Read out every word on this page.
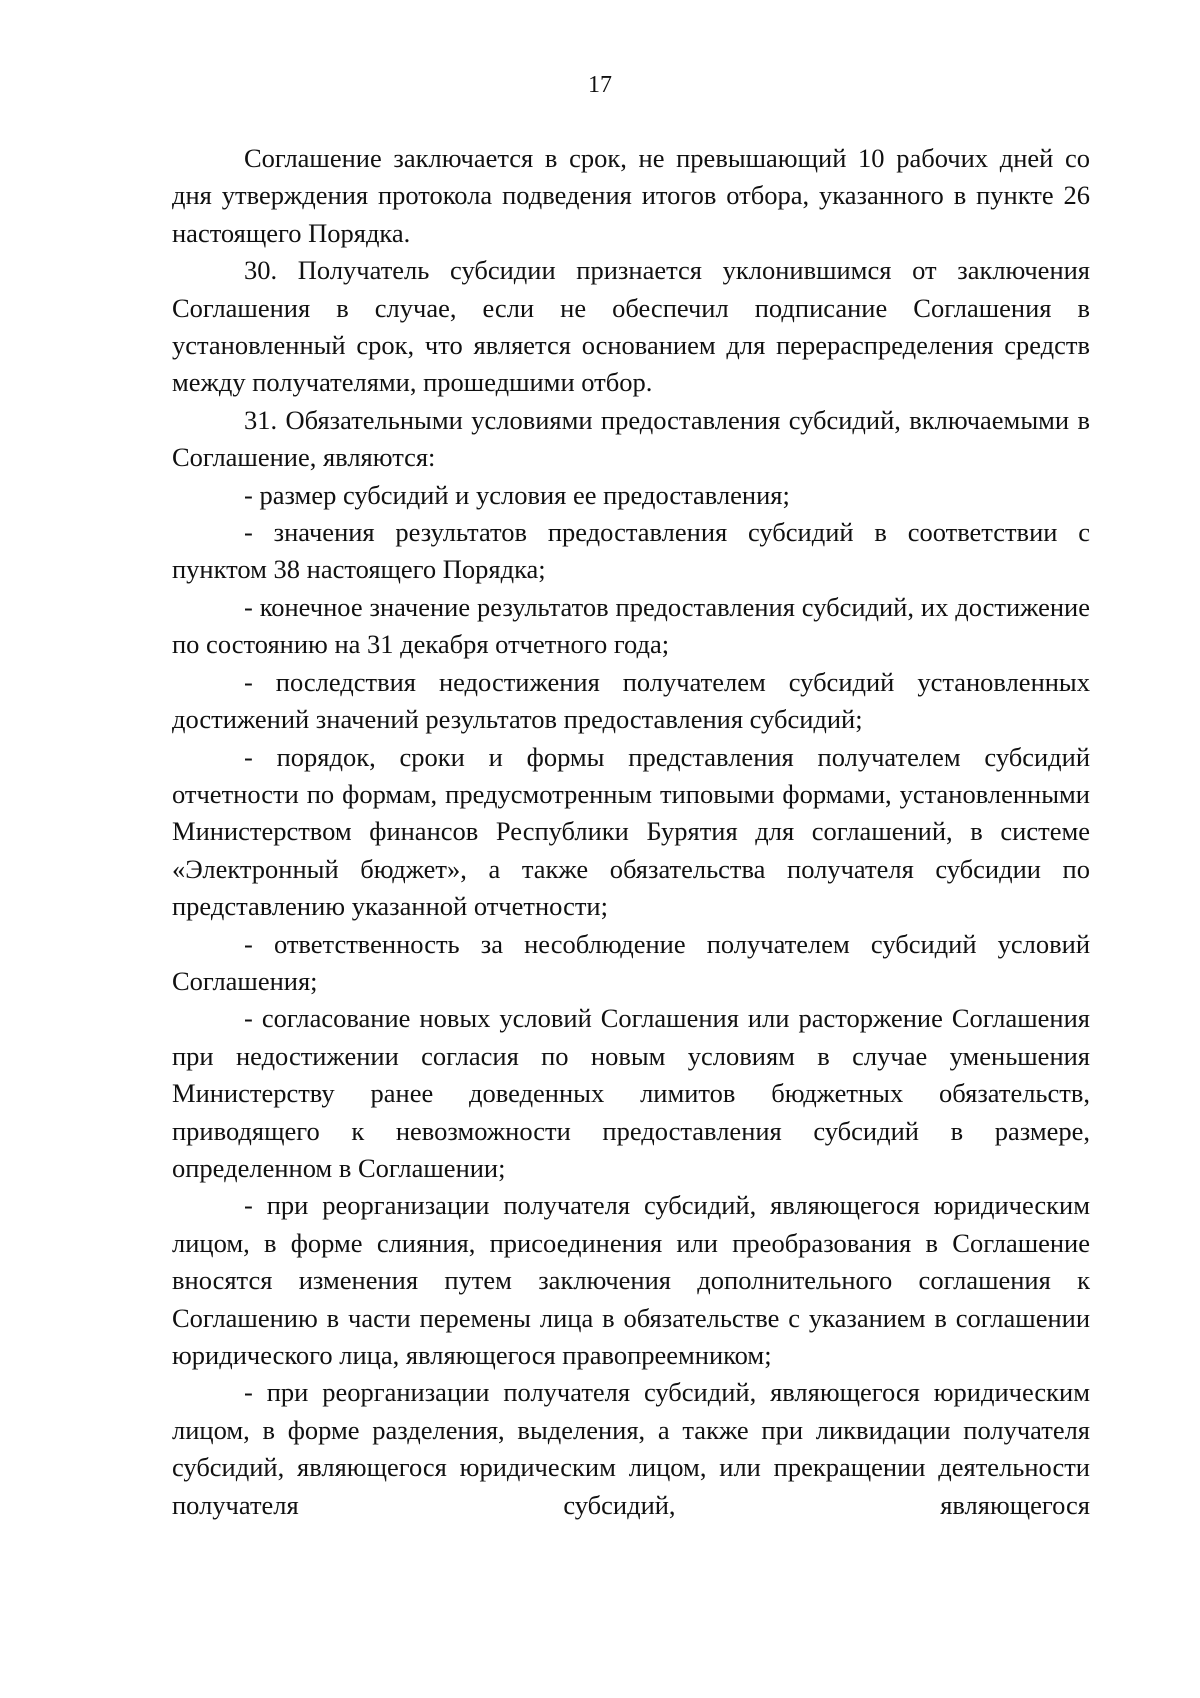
17

Соглашение заключается в срок, не превышающий 10 рабочих дней со дня утверждения протокола подведения итогов отбора, указанного в пункте 26 настоящего Порядка.

30. Получатель субсидии признается уклонившимся от заключения Соглашения в случае, если не обеспечил подписание Соглашения в установленный срок, что является основанием для перераспределения средств между получателями, прошедшими отбор.

31. Обязательными условиями предоставления субсидий, включаемыми в Соглашение, являются:

- размер субсидий и условия ее предоставления;

- значения результатов предоставления субсидий в соответствии с пунктом 38 настоящего Порядка;

- конечное значение результатов предоставления субсидий, их достижение по состоянию на 31 декабря отчетного года;

- последствия недостижения получателем субсидий установленных достижений значений результатов предоставления субсидий;

- порядок, сроки и формы представления получателем субсидий отчетности по формам, предусмотренным типовыми формами, установленными Министерством финансов Республики Бурятия для соглашений, в системе «Электронный бюджет», а также обязательства получателя субсидии по представлению указанной отчетности;

- ответственность за несоблюдение получателем субсидий условий Соглашения;

- согласование новых условий Соглашения или расторжение Соглашения при недостижении согласия по новым условиям в случае уменьшения Министерству ранее доведенных лимитов бюджетных обязательств, приводящего к невозможности предоставления субсидий в размере, определенном в Соглашении;

- при реорганизации получателя субсидий, являющегося юридическим лицом, в форме слияния, присоединения или преобразования в Соглашение вносятся изменения путем заключения дополнительного соглашения к Соглашению в части перемены лица в обязательстве с указанием в соглашении юридического лица, являющегося правопреемником;

- при реорганизации получателя субсидий, являющегося юридическим лицом, в форме разделения, выделения, а также при ликвидации получателя субсидий, являющегося юридическим лицом, или прекращении деятельности получателя субсидий, являющегося
